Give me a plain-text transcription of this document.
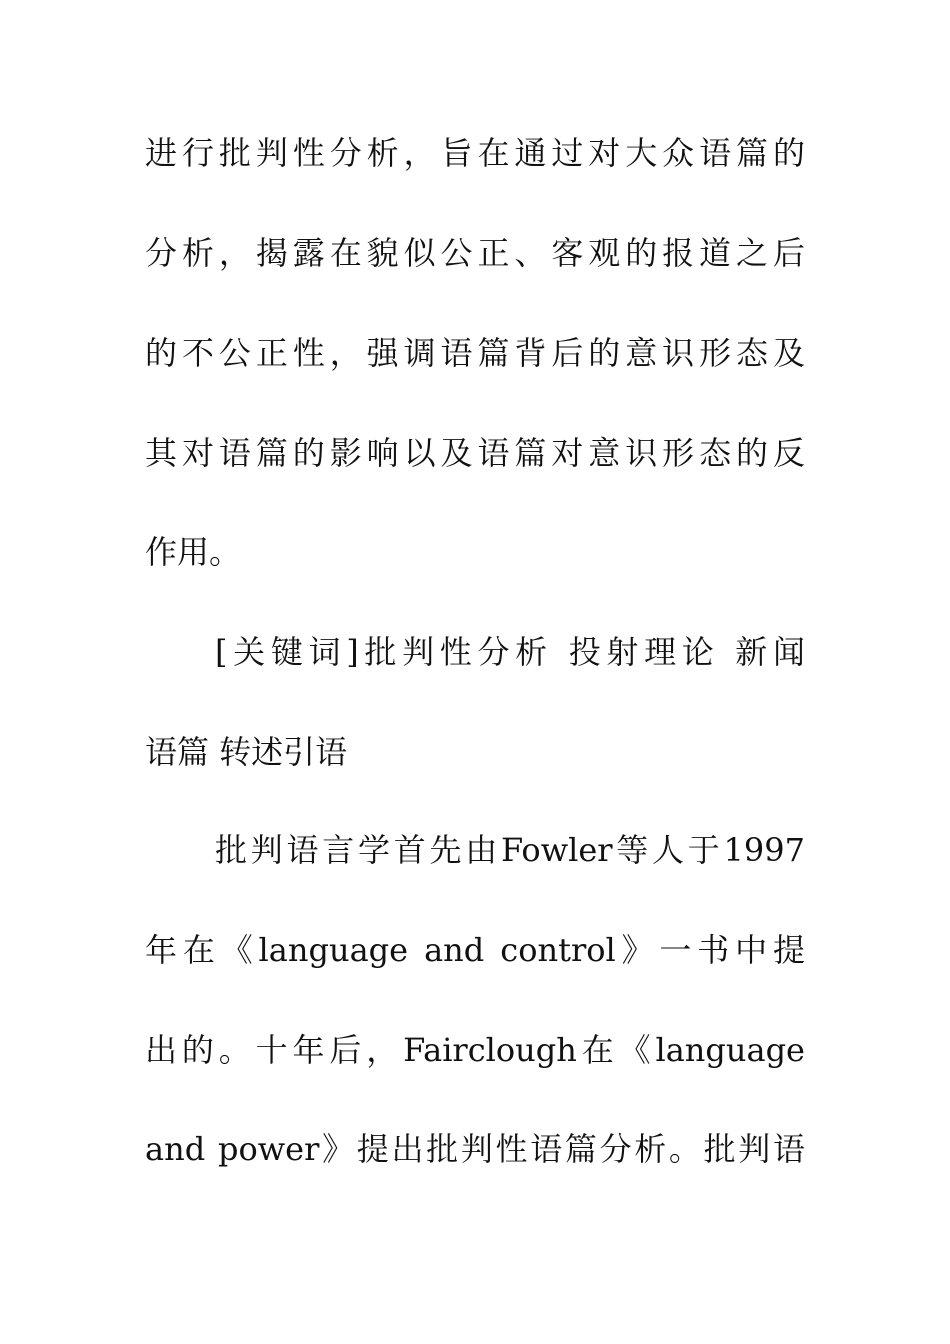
进行批判性分析，旨在通过对大众语篇的
分析，揭露在貌似公正、客观的报道之后
的不公正性，强调语篇背后的意识形态及
其对语篇的影响以及语篇对意识形态的反
作用。
[关键词]批判性分析 投射理论 新闻
语篇 转述引语
批判语言学首先由Fowler等人于1997
年在《language and control》一书中提
出的。十年后，Fairclough在《language
and power》提出批判性语篇分析。批判语
